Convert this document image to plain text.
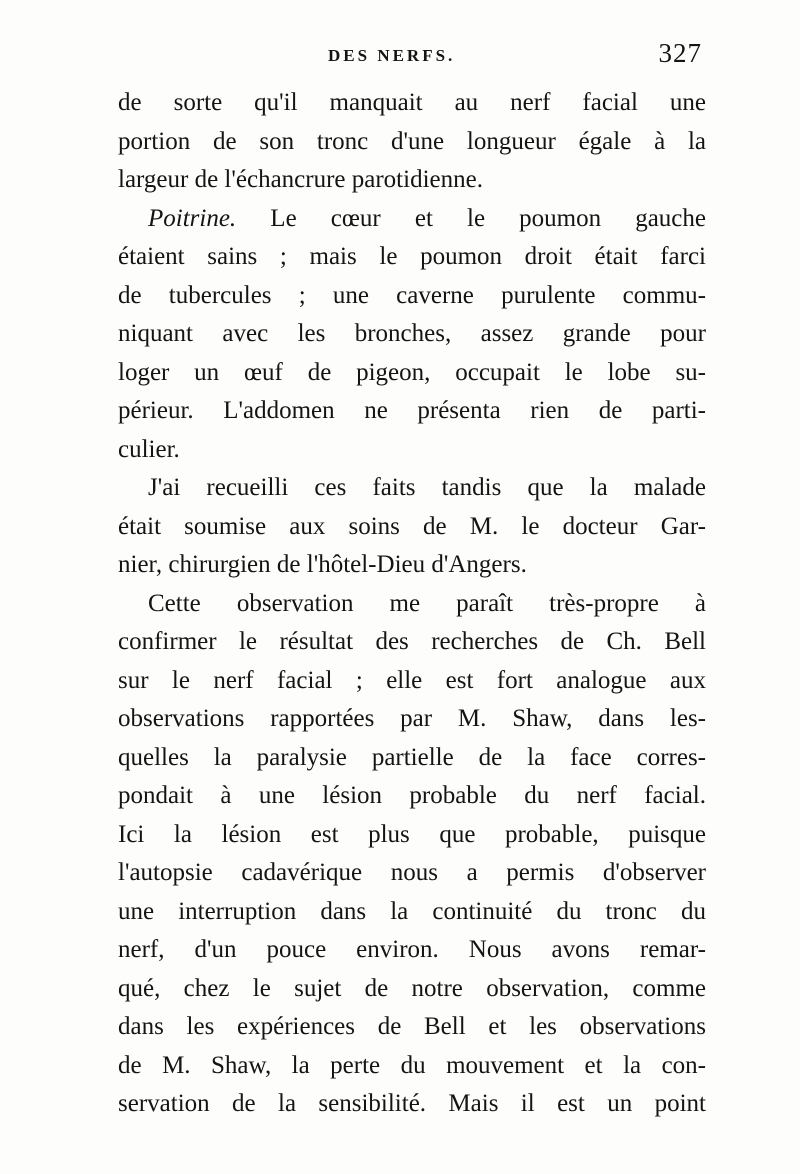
DES NERFS.	327
de sorte qu'il manquait au nerf facial une
portion de son tronc d'une longueur égale à la
largeur de l'échancrure parotidienne.
Poitrine. Le cœur et le poumon gauche
étaient sains ; mais le poumon droit était farci
de tubercules ; une caverne purulente commu-
niquant avec les bronches, assez grande pour
loger un œuf de pigeon, occupait le lobe su-
périeur. L'addomen ne présenta rien de parti-
culier.
J'ai recueilli ces faits tandis que la malade
était soumise aux soins de M. le docteur Gar-
nier, chirurgien de l'hôtel-Dieu d'Angers.
Cette observation me paraît très-propre à
confirmer le résultat des recherches de Ch. Bell
sur le nerf facial ; elle est fort analogue aux
observations rapportées par M. Shaw, dans les-
quelles la paralysie partielle de la face corres-
pondait à une lésion probable du nerf facial.
Ici la lésion est plus que probable, puisque
l'autopsie cadavérique nous a permis d'observer
une interruption dans la continuité du tronc du
nerf, d'un pouce environ. Nous avons remar-
qué, chez le sujet de notre observation, comme
dans les expériences de Bell et les observations
de M. Shaw, la perte du mouvement et la con-
servation de la sensibilité. Mais il est un point
